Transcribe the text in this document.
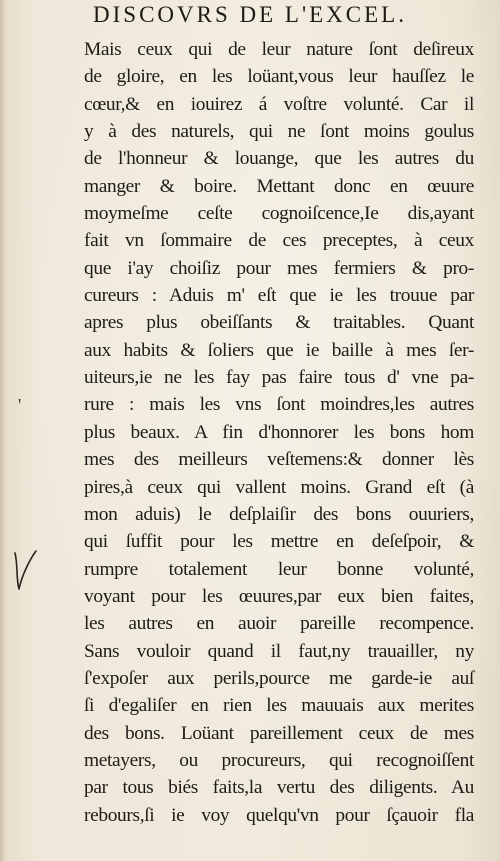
DISCOVRS DE L'EXCEL.
Mais ceux qui de leur nature ſont deſireux
de gloire, en les loüant,vous leur hauſſez le
cœur,& en iouirez á voſtre volunté. Car il
y à des naturels, qui ne ſont moins goulus
de l'honneur & louange, que les autres du
manger & boire. Mettant donc en œuure
moymeſme ceſte cognoiſcence,Ie dis,ayant
fait vn ſommaire de ces preceptes, à ceux
que i'ay choiſiz pour mes fermiers & pro-
cureurs : Aduis m' eſt que ie les trouue par
apres plus obeiſſants & traitables. Quant
aux habits & ſoliers que ie baille à mes ſer-
uiteurs,ie ne les fay pas faire tous d' vne pa-
rure : mais les vns ſont moindres,les autres
plus beaux. A fin d'honnorer les bons hom
mes des meilleurs veſtemens:& donner lès
pires,à ceux qui vallent moins. Grand eſt (à
mon aduis) le deſplaiſir des bons ouuriers,
qui ſuffit pour les mettre en deſeſpoir, &
rumpre totalement leur bonne volunté,
voyant pour les œuures,par eux bien faites,
les autres en auoir pareille recompence.
Sans vouloir quand il faut,ny trauailler, ny
ſ'expoſer aux perils,pource me garde-ie auſ
ſi d'egaliſer en rien les mauuais aux merites
des bons. Loüant pareillement ceux de mes
metayers, ou procureurs, qui recognoiſſent
par tous biés faits,la vertu des diligents. Au
rebours,ſi ie voy quelqu'vn pour ſçauoir fla
'
